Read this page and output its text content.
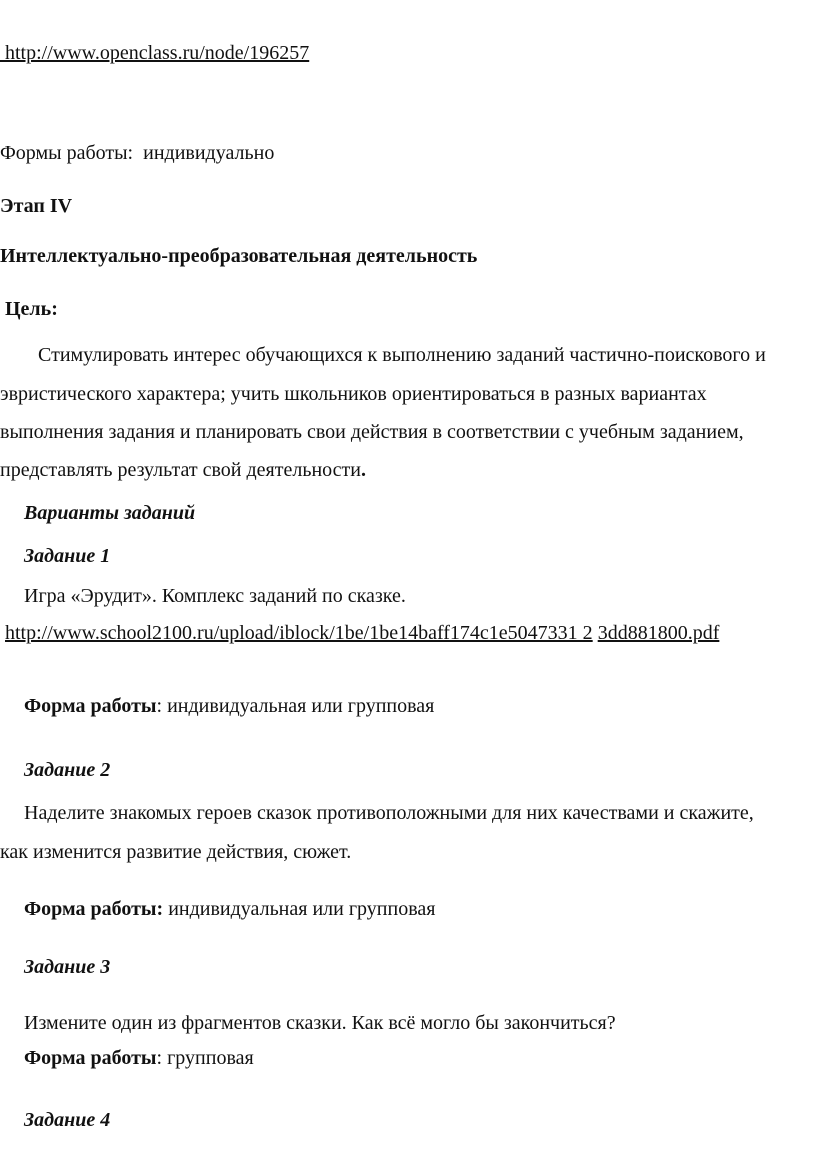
http://www.openclass.ru/node/196257
Формы работы: индивидуально
Этап IV
Интеллектуально-преобразовательная деятельность
Цель:
Стимулировать интерес обучающихся к выполнению заданий частично-поискового и
эвристического характера; учить школьников ориентироваться в разных вариантах
выполнения задания и планировать свои действия в соответствии с учебным заданием,
представлять результат свой деятельности.
Варианты заданий
Задание 1
Игра «Эрудит». Комплекс заданий по сказке.
http://www.school2100.ru/upload/iblock/1be/1be14baff174c1e5047331 2 3dd881800.pdf
Форма работы: индивидуальная или групповая
Задание 2
Наделите знакомых героев сказок противоположными для них качествами и скажите,
как изменится развитие действия, сюжет.
Форма работы: индивидуальная или групповая
Задание 3
Измените один из фрагментов сказки. Как всё могло бы закончиться?
Форма работы: групповая
Задание 4
